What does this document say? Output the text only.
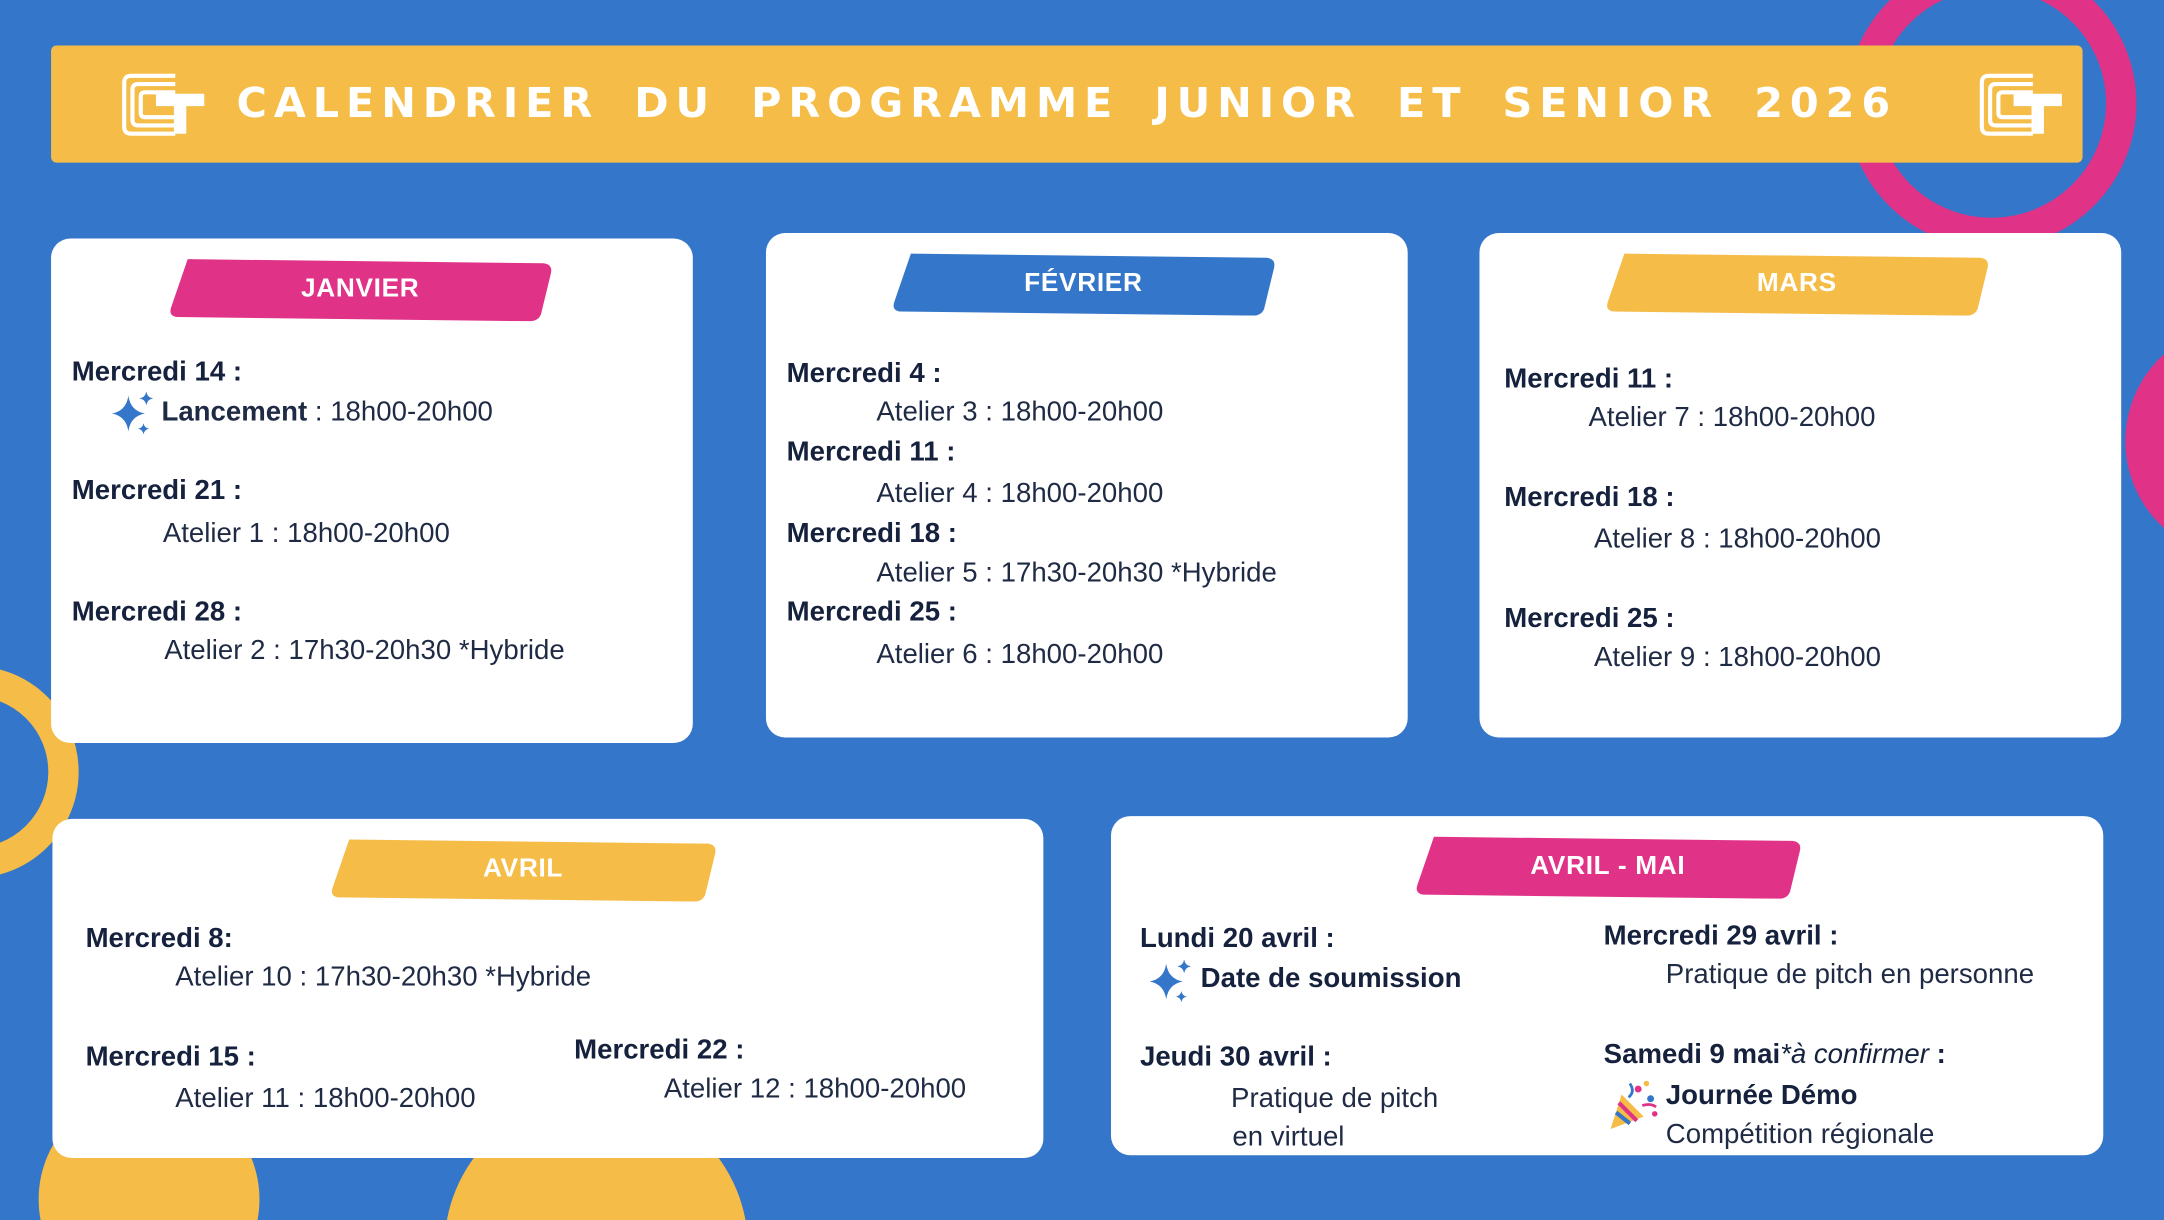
CALENDRIER DU PROGRAMME JUNIOR ET SENIOR 2026
JANVIER
Mercredi 14 :
Lancement : 18h00-20h00
Mercredi 21 :
Atelier 1 : 18h00-20h00
Mercredi 28 :
Atelier 2 : 17h30-20h30 *Hybride
FÉVRIER
Mercredi 4 :
Atelier 3 : 18h00-20h00
Mercredi 11 :
Atelier 4 : 18h00-20h00
Mercredi 18 :
Atelier 5 : 17h30-20h30 *Hybride
Mercredi 25 :
Atelier 6 : 18h00-20h00
MARS
Mercredi 11 :
Atelier 7 : 18h00-20h00
Mercredi 18 :
Atelier 8 : 18h00-20h00
Mercredi 25 :
Atelier 9 : 18h00-20h00
AVRIL
Mercredi 8:
Atelier 10 : 17h30-20h30 *Hybride
Mercredi 15 :
Atelier 11 : 18h00-20h00
Mercredi 22 :
Atelier 12 : 18h00-20h00
AVRIL - MAI
Lundi 20 avril :
Date de soumission
Jeudi 30 avril :
Pratique de pitch
en virtuel
Mercredi 29 avril :
Pratique de pitch en personne
Samedi 9 mai*à confirmer :
Journée Démo
Compétition régionale
